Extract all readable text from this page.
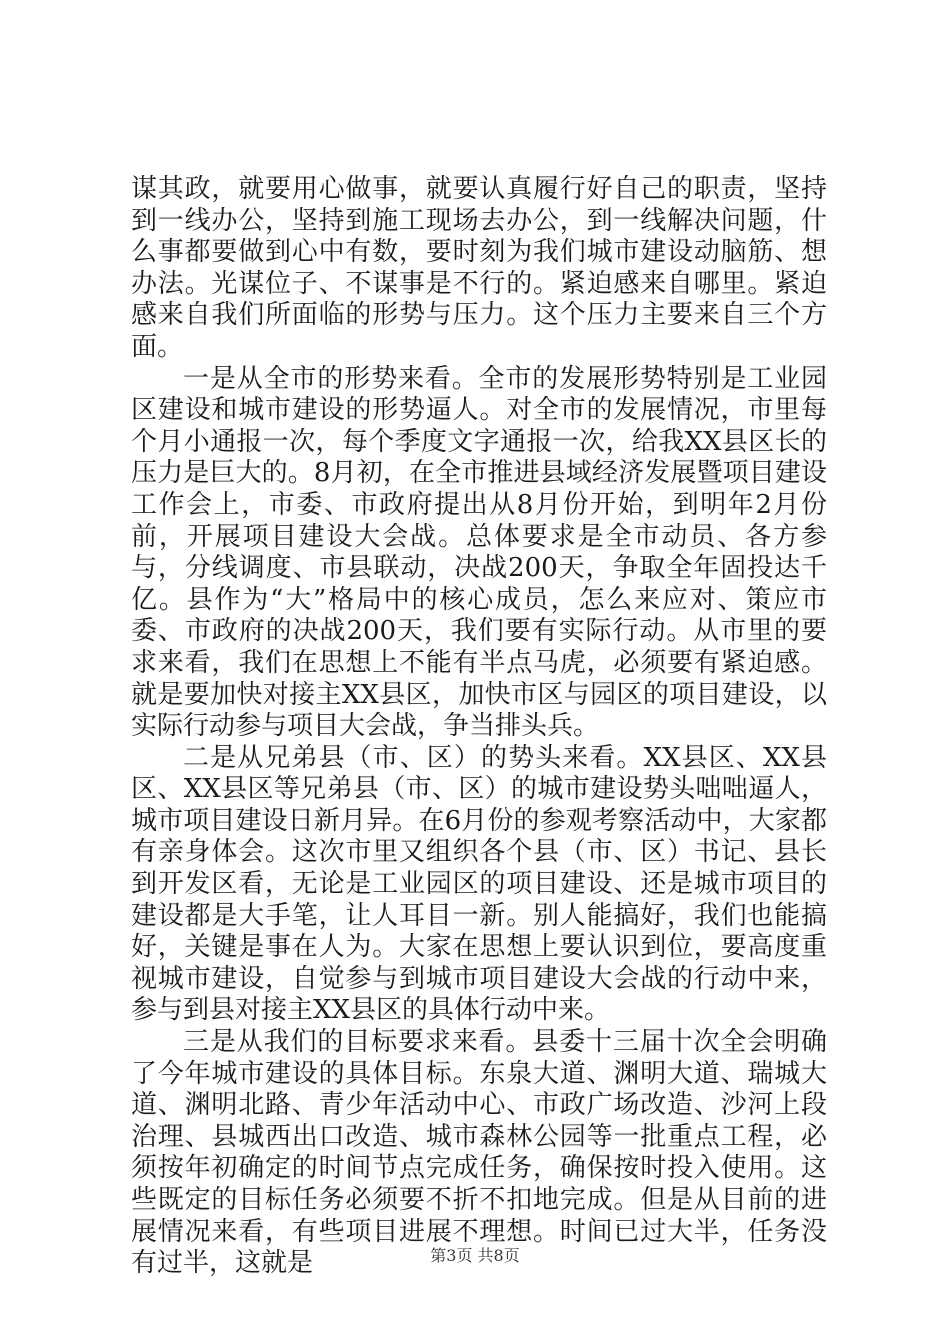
谋其政，就要用心做事，就要认真履行好自己的职责，坚持到一线办公，坚持到施工现场去办公，到一线解决问题，什么事都要做到心中有数，要时刻为我们城市建设动脑筋、想办法。光谋位子、不谋事是不行的。紧迫感来自哪里。紧迫感来自我们所面临的形势与压力。这个压力主要来自三个方面。

一是从全市的形势来看。全市的发展形势特别是工业园区建设和城市建设的形势逼人。对全市的发展情况，市里每个月小通报一次，每个季度文字通报一次，给我XX县区长的压力是巨大的。8月初，在全市推进县域经济发展暨项目建设工作会上，市委、市政府提出从8月份开始，到明年2月份前，开展项目建设大会战。总体要求是全市动员、各方参与，分线调度、市县联动，决战200天，争取全年固投达千亿。县作为“大”格局中的核心成员，怎么来应对、策应市委、市政府的决战200天，我们要有实际行动。从市里的要求来看，我们在思想上不能有半点马虎，必须要有紧迫感。就是要加快对接主XX县区，加快市区与园区的项目建设，以实际行动参与项目大会战，争当排头兵。

二是从兄弟县（市、区）的势头来看。XX县区、XX县区、XX县区等兄弟县（市、区）的城市建设势头咄咄逼人，城市项目建设日新月异。在6月份的参观考察活动中，大家都有亲身体会。这次市里又组织各个县（市、区）书记、县长到开发区看，无论是工业园区的项目建设、还是城市项目的建设都是大手笔，让人耳目一新。别人能搞好，我们也能搞好，关键是事在人为。大家在思想上要认识到位，要高度重视城市建设，自觉参与到城市项目建设大会战的行动中来，参与到县对接主XX县区的具体行动中来。

三是从我们的目标要求来看。县委十三届十次全会明确了今年城市建设的具体目标。东泉大道、渊明大道、瑞城大道、渊明北路、青少年活动中心、市政广场改造、沙河上段治理、县城西出口改造、城市森林公园等一批重点工程，必须按年初确定的时间节点完成任务，确保按时投入使用。这些既定的目标任务必须要不折不扣地完成。但是从目前的进展情况来看，有些项目进展不理想。时间已过大半，任务没有过半，这就是	第3页 共8页
